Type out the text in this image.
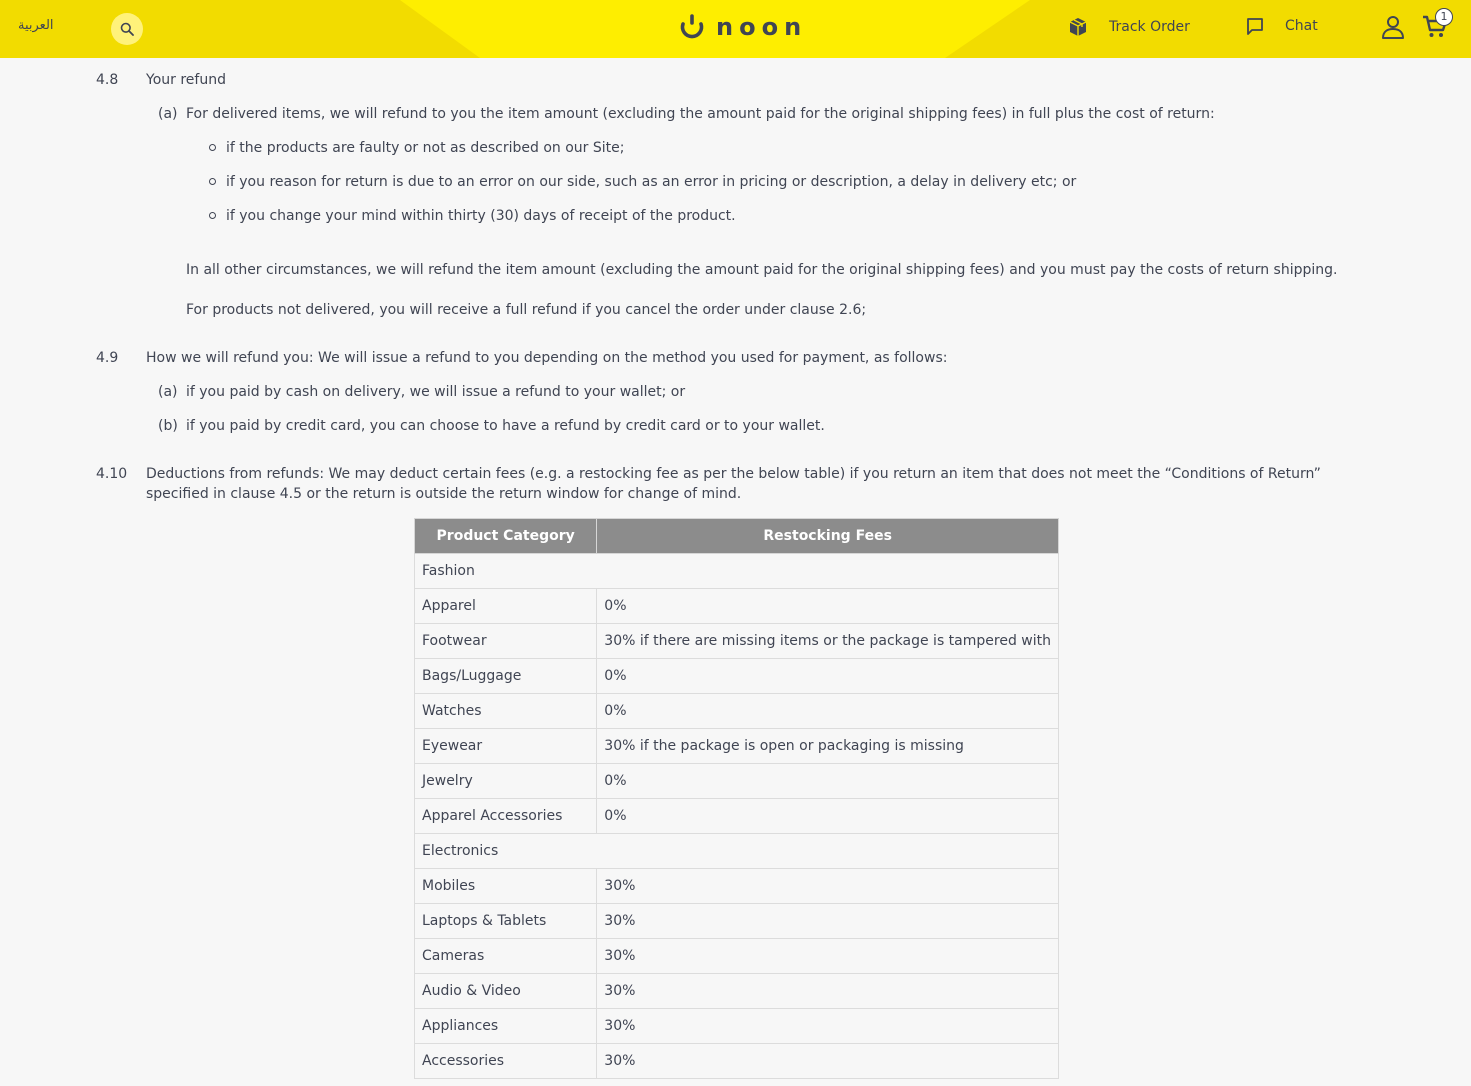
العربية	noon	Track Order	Chat
1
4.8 Your refund
(a) For delivered items, we will refund to you the item amount (excluding the amount paid for the original shipping fees) in full plus the cost of return:
if the products are faulty or not as described on our Site;
if you reason for return is due to an error on our side, such as an error in pricing or description, a delay in delivery etc; or
if you change your mind within thirty (30) days of receipt of the product.
In all other circumstances, we will refund the item amount (excluding the amount paid for the original shipping fees) and you must pay the costs of return shipping.
For products not delivered, you will receive a full refund if you cancel the order under clause 2.6;
4.9 How we will refund you: We will issue a refund to you depending on the method you used for payment, as follows:
(a) if you paid by cash on delivery, we will issue a refund to your wallet; or
(b) if you paid by credit card, you can choose to have a refund by credit card or to your wallet.
4.10 Deductions from refunds: We may deduct certain fees (e.g. a restocking fee as per the below table) if you return an item that does not meet the “Conditions of Return” specified in clause 4.5 or the return is outside the return window for change of mind.
Product Category	Restocking Fees
Fashion	
Apparel	0%
Footwear	30% if there are missing items or the package is tampered with
Bags/Luggage	0%
Watches	0%
Eyewear	30% if the package is open or packaging is missing
Jewelry	0%
Apparel Accessories	0%
Electronics	
Mobiles	30%
Laptops & Tablets	30%
Cameras	30%
Audio & Video	30%
Appliances	30%
Accessories	30%
